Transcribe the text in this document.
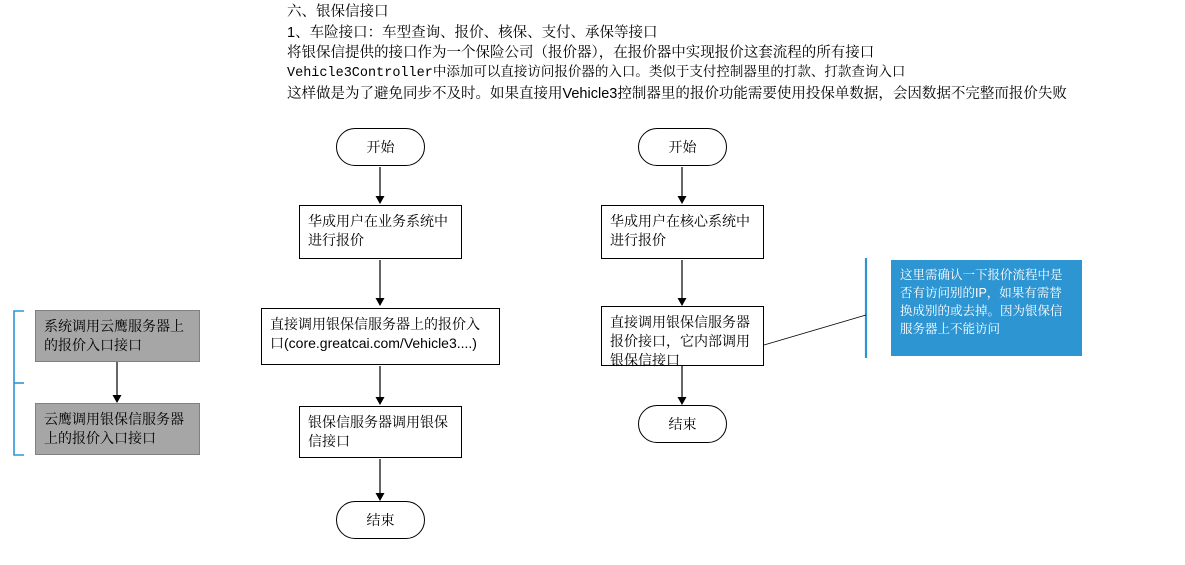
六、银保信接口
1、车险接口：车型查询、报价、核保、支付、承保等接口
将银保信提供的接口作为一个保险公司（报价器），在报价器中实现报价这套流程的所有接口
Vehicle3Controller中添加可以直接访问报价器的入口。类似于支付控制器里的打款、打款查询入口
这样做是为了避免同步不及时。如果直接用Vehicle3控制器里的报价功能需要使用投保单数据，会因数据不完整而报价失败
开始
华成用户在业务系统中进行报价
直接调用银保信服务器上的报价入口(core.greatcai.com/Vehicle3....)
银保信服务器调用银保信接口
结束
开始
华成用户在核心系统中进行报价
直接调用银保信服务器报价接口，它内部调用银保信接口
结束
系统调用云鹰服务器上的报价入口接口
云鹰调用银保信服务器上的报价入口接口
这里需确认一下报价流程中是否有访问别的IP，如果有需替换成别的或去掉。因为银保信服务器上不能访问
